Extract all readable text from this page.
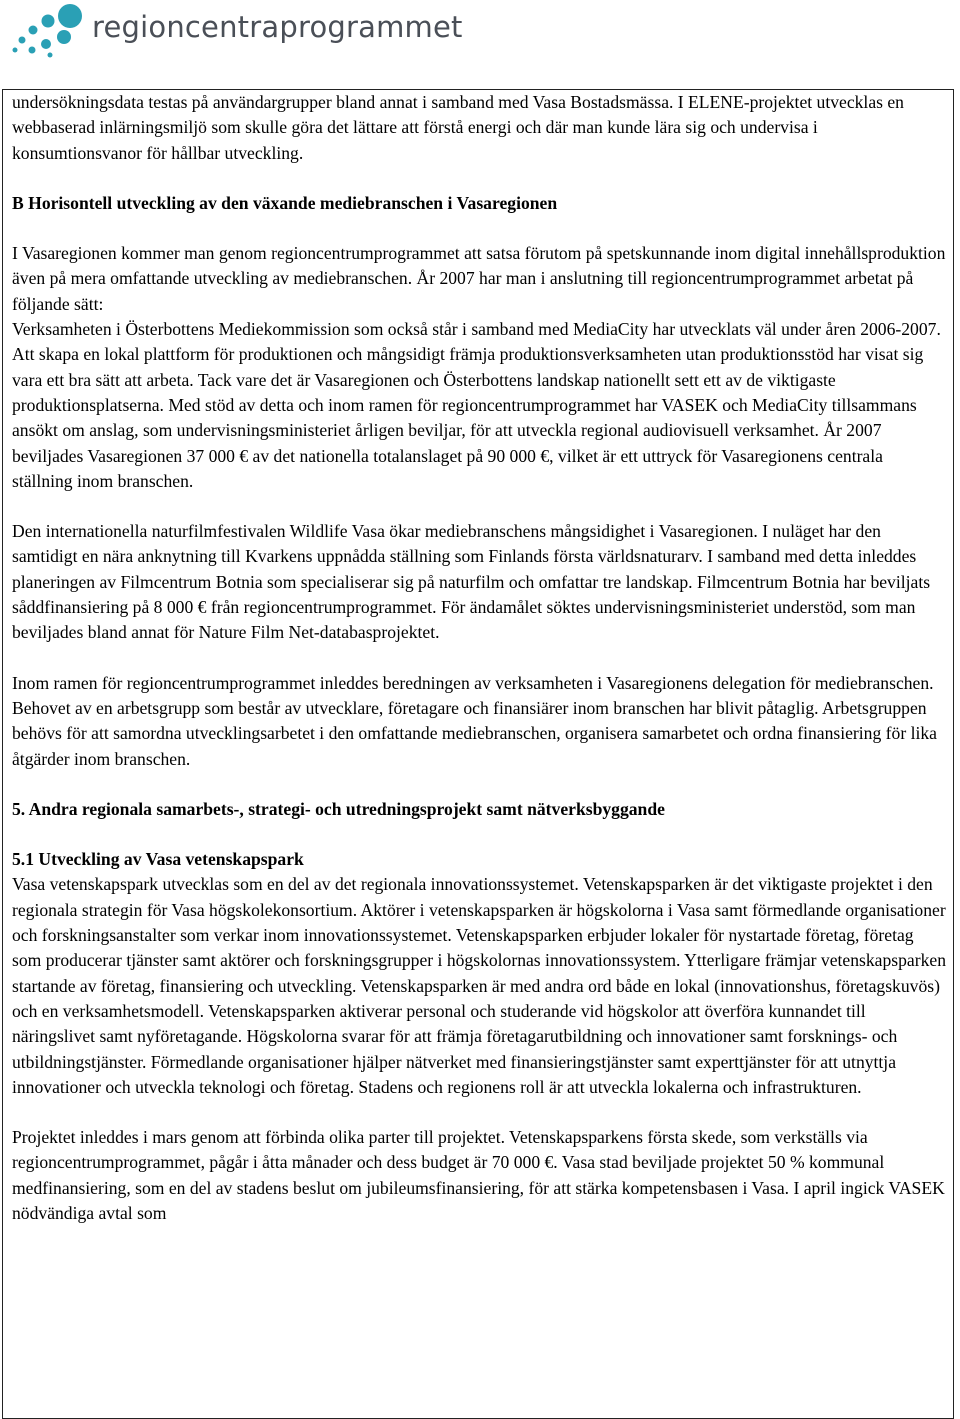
regioncentraprogrammet

undersökningsdata testas på användargrupper bland annat i samband med Vasa Bostadsmässa. I ELENE-projektet utvecklas en webbaserad inlärningsmiljö som skulle göra det lättare att förstå energi och där man kunde lära sig och undervisa i konsumtionsvanor för hållbar utveckling.

B Horisontell utveckling av den växande mediebranschen i Vasaregionen

I Vasaregionen kommer man genom regioncentrumprogrammet att satsa förutom på spetskunnande inom digital innehållsproduktion även på mera omfattande utveckling av mediebranschen. År 2007 har man i anslutning till regioncentrumprogrammet arbetat på följande sätt:

Verksamheten i Österbottens Mediekommission som också står i samband med MediaCity har utvecklats väl under åren 2006-2007. Att skapa en lokal plattform för produktionen och mångsidigt främja produktionsverksamheten utan produktionsstöd har visat sig vara ett bra sätt att arbeta. Tack vare det är Vasaregionen och Österbottens landskap nationellt sett ett av de viktigaste produktionsplatserna. Med stöd av detta och inom ramen för regioncentrumprogrammet har VASEK och MediaCity tillsammans ansökt om anslag, som undervisningsministeriet årligen beviljar, för att utveckla regional audiovisuell verksamhet. År 2007 beviljades Vasaregionen 37 000 € av det nationella totalanslaget på 90 000 €, vilket är ett uttryck för Vasaregionens centrala ställning inom branschen.

Den internationella naturfilmfestivalen Wildlife Vasa ökar mediebranschens mångsidighet i Vasaregionen. I nuläget har den samtidigt en nära anknytning till Kvarkens uppnådda ställning som Finlands första världsnaturarv. I samband med detta inleddes planeringen av Filmcentrum Botnia som specialiserar sig på naturfilm och omfattar tre landskap. Filmcentrum Botnia har beviljats såddfinansiering på 8 000 € från regioncentrumprogrammet. För ändamålet söktes undervisningsministeriet understöd, som man beviljades bland annat för Nature Film Net-databasprojektet.

Inom ramen för regioncentrumprogrammet inleddes beredningen av verksamheten i Vasaregionens delegation för mediebranschen. Behovet av en arbetsgrupp som består av utvecklare, företagare och finansiärer inom branschen har blivit påtaglig. Arbetsgruppen behövs för att samordna utvecklingsarbetet i den omfattande mediebranschen, organisera samarbetet och ordna finansiering för lika åtgärder inom branschen.

5. Andra regionala samarbets-, strategi- och utredningsprojekt samt nätverksbyggande
5.1 Utveckling av Vasa vetenskapspark

Vasa vetenskapspark utvecklas som en del av det regionala innovationssystemet. Vetenskapsparken är det viktigaste projektet i den regionala strategin för Vasa högskolekonsortium. Aktörer i vetenskapsparken är högskolorna i Vasa samt förmedlande organisationer och forskningsanstalter som verkar inom innovationssystemet. Vetenskapsparken erbjuder lokaler för nystartade företag, företag som producerar tjänster samt aktörer och forskningsgrupper i högskolornas innovationssystem. Ytterligare främjar vetenskapsparken startande av företag, finansiering och utveckling. Vetenskapsparken är med andra ord både en lokal (innovationshus, företagskuvös) och en verksamhetsmodell. Vetenskapsparken aktiverar personal och studerande vid högskolor att överföra kunnandet till näringslivet samt nyföretagande. Högskolorna svarar för att främja företagarutbildning och innovationer samt forsknings- och utbildningstjänster. Förmedlande organisationer hjälper nätverket med finansieringstjänster samt experttjänster för att utnyttja innovationer och utveckla teknologi och företag. Stadens och regionens roll är att utveckla lokalerna och infrastrukturen.

Projektet inleddes i mars genom att förbinda olika parter till projektet. Vetenskapsparkens första skede, som verkställs via regioncentrumprogrammet, pågår i åtta månader och dess budget är 70 000 €. Vasa stad beviljade projektet 50 % kommunal medfinansiering, som en del av stadens beslut om jubileumsfinansiering, för att stärka kompetensbasen i Vasa. I april ingick VASEK nödvändiga avtal som
